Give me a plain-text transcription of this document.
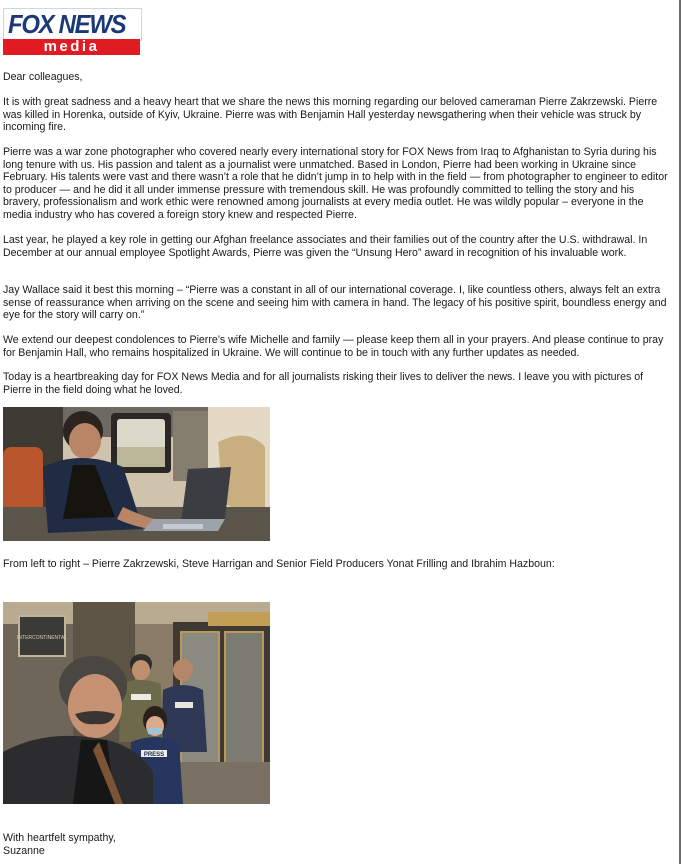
FOX NEWS
media

Dear colleagues,

It is with great sadness and a heavy heart that we share the news this morning regarding our beloved cameraman Pierre Zakrzewski. Pierre was killed in Horenka, outside of Kyiv, Ukraine. Pierre was with Benjamin Hall yesterday newsgathering when their vehicle was struck by incoming fire.

Pierre was a war zone photographer who covered nearly every international story for FOX News from Iraq to Afghanistan to Syria during his long tenure with us. His passion and talent as a journalist were unmatched. Based in London, Pierre had been working in Ukraine since February. His talents were vast and there wasn’t a role that he didn’t jump in to help with in the field — from photographer to engineer to editor to producer — and he did it all under immense pressure with tremendous skill. He was profoundly committed to telling the story and his bravery, professionalism and work ethic were renowned among journalists at every media outlet. He was wildly popular – everyone in the media industry who has covered a foreign story knew and respected Pierre.

Last year, he played a key role in getting our Afghan freelance associates and their families out of the country after the U.S. withdrawal. In December at our annual employee Spotlight Awards, Pierre was given the “Unsung Hero” award in recognition of his invaluable work.

Jay Wallace said it best this morning – “Pierre was a constant in all of our international coverage. I, like countless others, always felt an extra sense of reassurance when arriving on the scene and seeing him with camera in hand. The legacy of his positive spirit, boundless energy and eye for the story will carry on.”

We extend our deepest condolences to Pierre’s wife Michelle and family — please keep them all in your prayers. And please continue to pray for Benjamin Hall, who remains hospitalized in Ukraine. We will continue to be in touch with any further updates as needed.

Today is a heartbreaking day for FOX News Media and for all journalists risking their lives to deliver the news. I leave you with pictures of Pierre in the field doing what he loved.

From left to right – Pierre Zakrzewski, Steve Harrigan and Senior Field Producers Yonat Frilling and Ibrahim Hazboun:

INTERCONTINENTAL
PRESS

With heartfelt sympathy,

Suzanne
